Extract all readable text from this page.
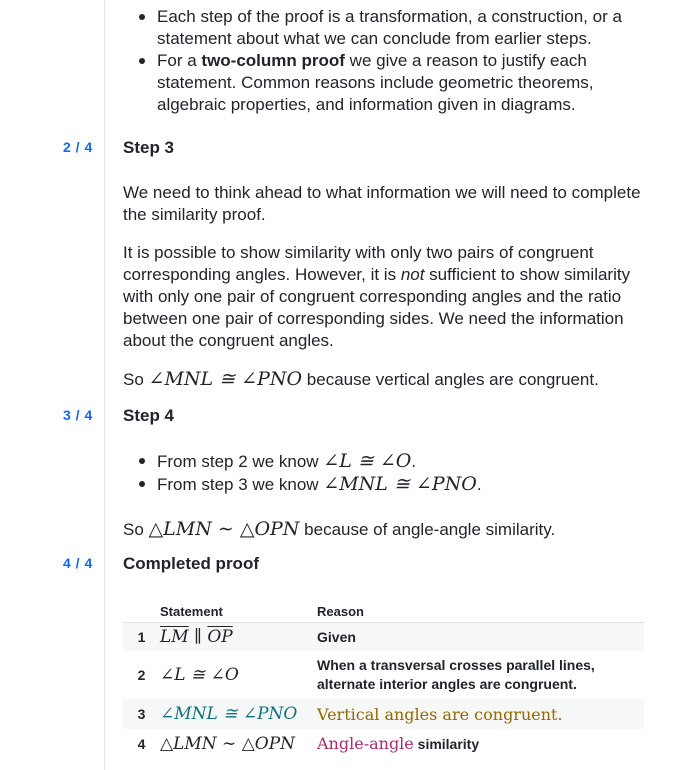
Each step of the proof is a transformation, a construction, or a statement about what we can conclude from earlier steps.
For a two-column proof we give a reason to justify each statement. Common reasons include geometric theorems, algebraic properties, and information given in diagrams.
2 / 4 Step 3

We need to think ahead to what information we will need to complete the similarity proof.

It is possible to show similarity with only two pairs of congruent corresponding angles. However, it is not sufficient to show similarity with only one pair of congruent corresponding angles and the ratio between one pair of corresponding sides. We need the information about the congruent angles.

So ∠MNL ≅ ∠PNO because vertical angles are congruent.

3 / 4 Step 4
From step 2 we know ∠L ≅ ∠O.
From step 3 we know ∠MNL ≅ ∠PNO.

So △LMN ∼ △OPN because of angle-angle similarity.

4 / 4 Completed proof
Statement	Reason
1 $\overline{LM}$ ∥ $\overline{OP}$	Given
2 ∠L ≅ ∠O	When a transversal crosses parallel lines, alternate interior angles are congruent.
3 ∠MNL ≅ ∠PNO	Vertical angles are congruent.
4 △LMN ∼ △OPN	Angle-angle similarity
